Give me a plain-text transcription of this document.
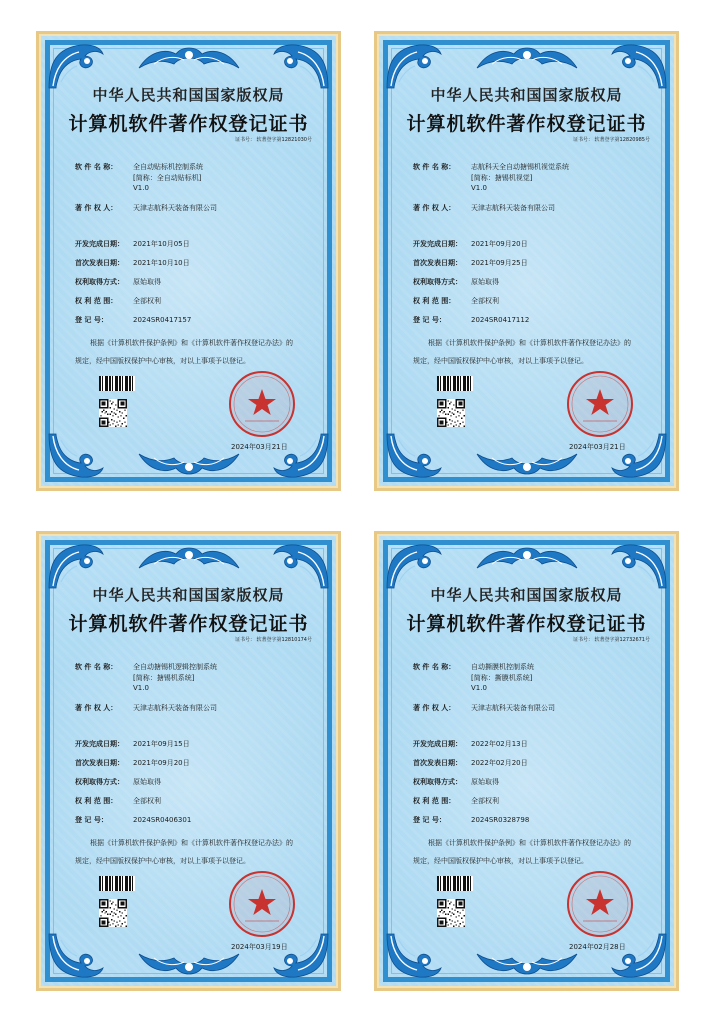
中华人民共和国国家版权局
计算机软件著作权登记证书
证书号： 软著登字第12821030号
软 件 名 称： 全自动贴标机控制系统
[简称：全自动贴标机]
V1.0
著 作 权 人： 天津志航科天装备有限公司
开发完成日期： 2021年10月05日
首次发表日期： 2021年10月10日
权利取得方式： 原始取得
权 利 范 围： 全部权利
登 记 号：	2024SR0417157
根据《计算机软件保护条例》和《计算机软件著作权登记办法》的
规定，经中国版权保护中心审核，对以上事项予以登记。
2024年03月21日
中华人民共和国国家版权局
计算机软件著作权登记证书
证书号： 软著登字第12820985号
软 件 名 称： 志航科天全自动搪锡机视觉系统
[简称：搪锡机视觉]
V1.0
著 作 权 人： 天津志航科天装备有限公司
开发完成日期： 2021年09月20日
首次发表日期： 2021年09月25日
权利取得方式： 原始取得
权 利 范 围： 全部权利
登 记 号：	2024SR0417112
根据《计算机软件保护条例》和《计算机软件著作权登记办法》的
规定，经中国版权保护中心审核，对以上事项予以登记。
2024年03月21日
中华人民共和国国家版权局
计算机软件著作权登记证书
证书号： 软著登字第12810174号
软 件 名 称： 全自动搪锡机逻辑控制系统
[简称：搪锡机系统]
V1.0
著 作 权 人： 天津志航科天装备有限公司
开发完成日期： 2021年09月15日
首次发表日期： 2021年09月20日
权利取得方式： 原始取得
权 利 范 围： 全部权利
登 记 号：	2024SR0406301
根据《计算机软件保护条例》和《计算机软件著作权登记办法》的
规定，经中国版权保护中心审核，对以上事项予以登记。
2024年03月19日
中华人民共和国国家版权局
计算机软件著作权登记证书
证书号： 软著登字第12732671号
软 件 名 称： 自动撕膜机控制系统
[简称：撕膜机系统]
V1.0
著 作 权 人： 天津志航科天装备有限公司
开发完成日期： 2022年02月13日
首次发表日期： 2022年02月20日
权利取得方式： 原始取得
权 利 范 围： 全部权利
登 记 号：	2024SR0328798
根据《计算机软件保护条例》和《计算机软件著作权登记办法》的
规定，经中国版权保护中心审核，对以上事项予以登记。
2024年02月28日
